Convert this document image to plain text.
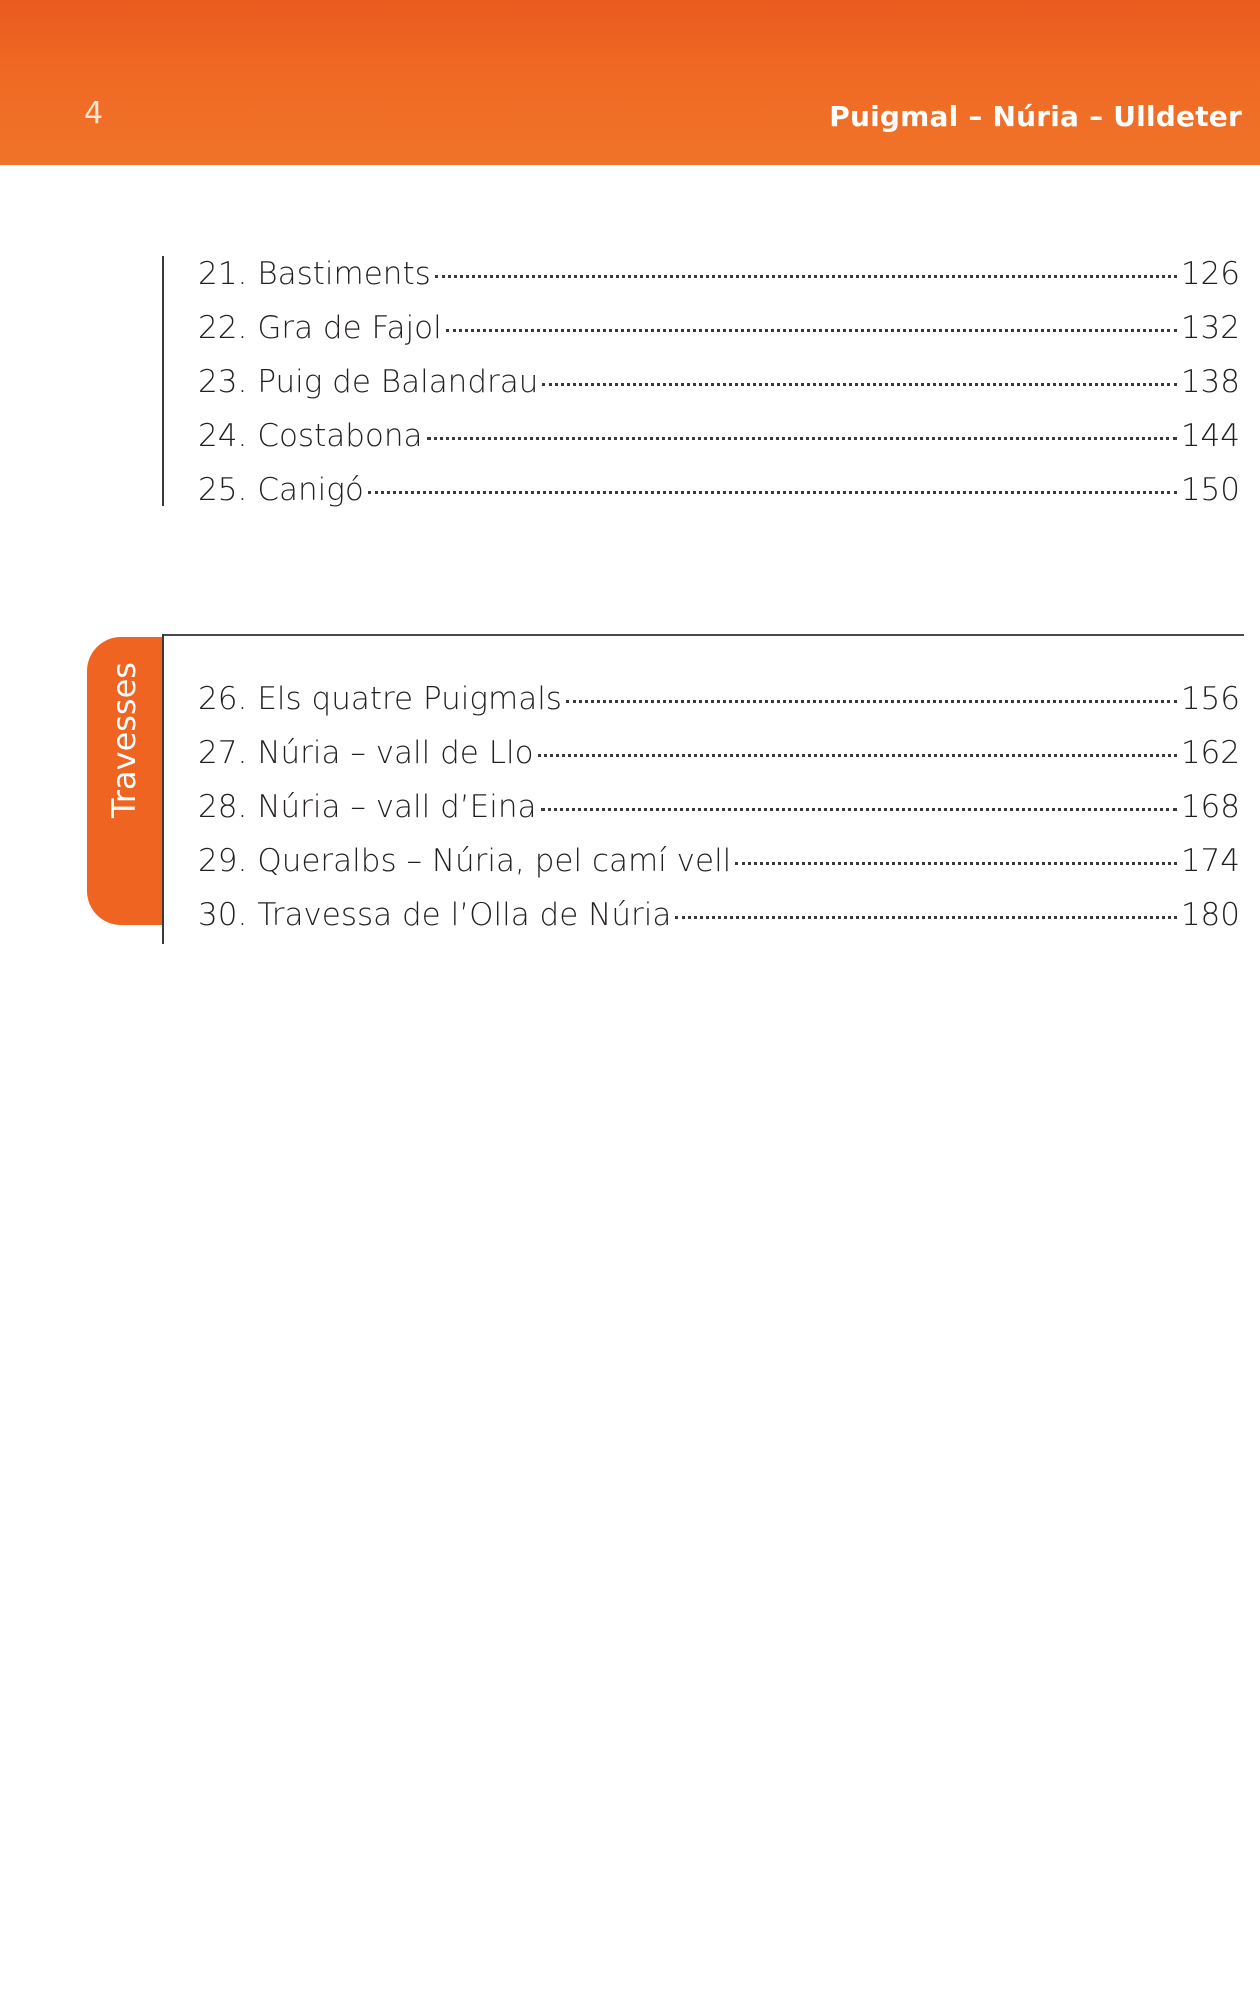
4	Puigmal – Núria – Ulldeter
21. Bastiments	126
22. Gra de Fajol	132
23. Puig de Balandrau	138
24. Costabona	144
25. Canigó	150
Travesses 26. Els quatre Puigmals	156
27. Núria – vall de Llo	162
28. Núria – vall d’Eina	168
29. Queralbs – Núria, pel camí vell	174
30. Travessa de l’Olla de Núria	180
